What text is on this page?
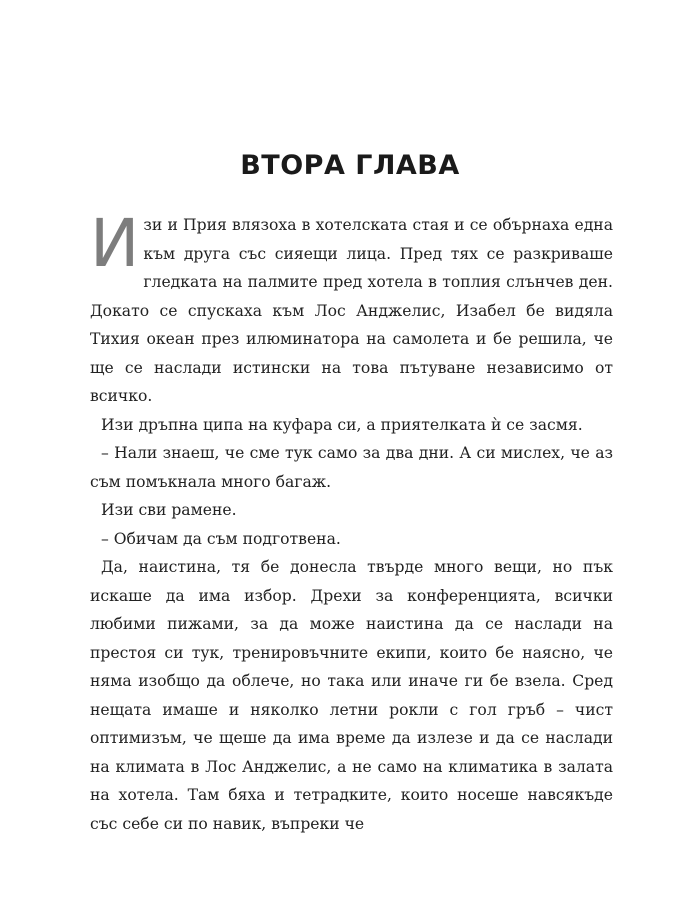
ВТОРА ГЛАВА

Изи и Прия влязоха в хотелската стая и се обърнаха една към друга със сияещи лица. Пред тях се разкриваше гледката на палмите пред хотела в топлия слънчев ден. Докато се спускаха към Лос Анджелис, Изабел бе видяла Тихия океан през илюминатора на самолета и бе решила, че ще се наслади истински на това пътуване независимо от всичко.

Изи дръпна ципа на куфара си, а приятелката ѝ се засмя.

– Нали знаеш, че сме тук само за два дни. А си мислех, че аз съм помъкнала много багаж.

Изи сви рамене.

– Обичам да съм подготвена.

Да, наистина, тя бе донесла твърде много вещи, но пък искаше да има избор. Дрехи за конференцията, всички любими пижами, за да може наистина да се наслади на престоя си тук, тренировъчните екипи, които бе наясно, че няма изобщо да облече, но така или иначе ги бе взела. Сред нещата имаше и няколко летни рокли с гол гръб – чист оптимизъм, че щеше да има време да излезе и да се наслади на климата в Лос Анджелис, а не само на климатика в залата на хотела. Там бяха и тетрадките, които носеше навсякъде със себе си по навик, въпреки че
